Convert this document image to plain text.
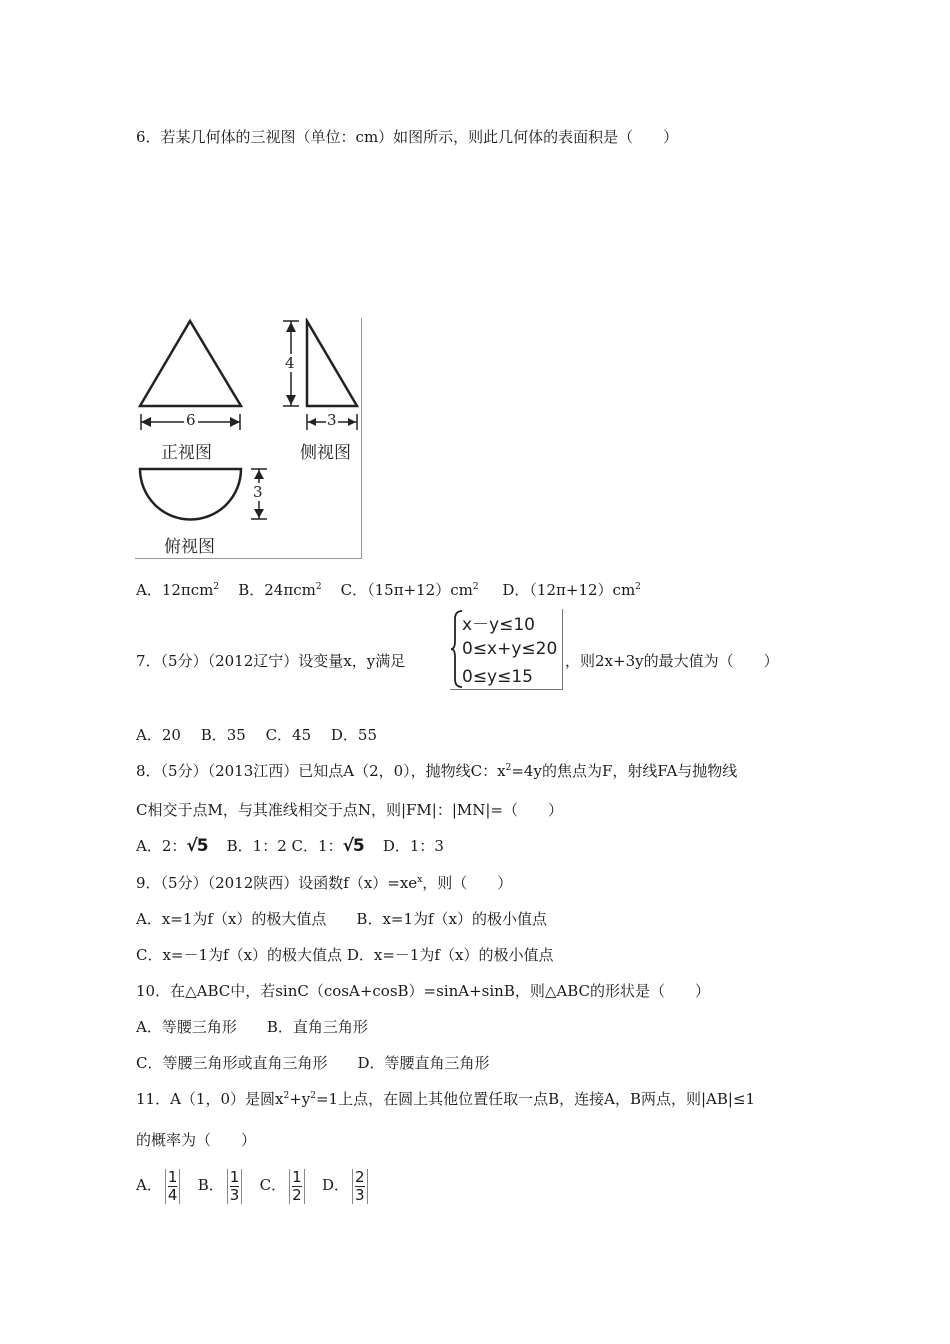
6．若某几何体的三视图（单位：cm）如图所示，则此几何体的表面积是（　　）
6
4
3
3
正视图	侧视图
俯视图
A．12πcm$^2$ B．24πcm$^2$ C．$(15\pi+12)cm^2$ D．$(12\pi+12)cm^2$
7．（5分）（2012辽宁）设变量x，y满足
x－y≤10
0≤x+y≤20
0≤y≤15
，则2x+3y的最大值为（　　）
A．20　 B．35　 C．45　 D．55
8．（5分）（2013江西）已知点A（2，0），抛物线C：$x^2=4y$的焦点为F，射线FA与抛物线
C相交于点M，与其准线相交于点N，则|FM|：|MN|=（　　）
A．2：√5 B．1：2 C．1：√5 D．1：3
9．（5分）（2012陕西）设函数$f(x)=xe^x$，则（　　）
A．x=1为f（x）的极大值点　　B．x=1为f（x）的极小值点
C．x=－1为f（x）的极大值点 D．x=－1为f（x）的极小值点
10．在△ABC中，若sinC（cosA+cosB）=sinA+sinB，则△ABC的形状是（　　）
A．等腰三角形　　B．直角三角形
C．等腰三角形或直角三角形　　D．等腰直角三角形
11．A（1，0）是圆$x^2+y^2=1$上点，在圆上其他位置任取一点B，连接A，B两点，则|AB|≤1
的概率为（　　）
A． $\frac{1}{4}$ B． $\frac{1}{3}$ C． $\frac{1}{2}$ D． $\frac{2}{3}$
